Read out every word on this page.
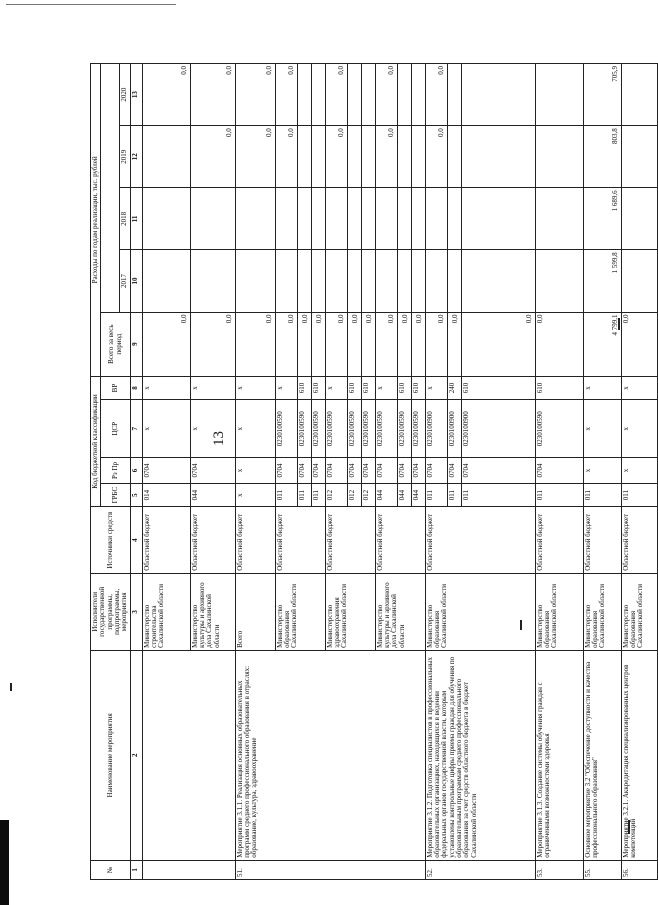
13
№	Наименование мероприятия	Исполнители государственной программы, подпрограммы, мероприятия	Источники средств	Код бюджетной классификации				Расходы по годам реализации, тыс. рублей				
				ГРБС	Рз Пр	ЦСР	ВР	Всего за весь период				
									2017	2018	2019	2020
1	2	3	4	5	6	7	8	9	10	11	12	13
		Министерство строительства Сахалинской области	Областной бюджет	014	0704	x	x	0,0				0,0
		Министерство культуры и архивного дела Сахалинской области	Областной бюджет	044	0704	x	x	0,0			0,0	0,0
51.	Мероприятие 3.1.1. Реализация основных образовательных программ среднего профессионального образования в отраслях: образование, культура, здравоохранение	Всего	Областной бюджет	x	x	x	x	0,0			0,0	0,0
		Министерство образования Сахалинской области	Областной бюджет	011	0704	0230100590	x	0,0			0,0	0,0
				011	0704	0230100590	610	0,0				
				011	0704	0230100590	610	0,0				
		Министерство здравоохранения Сахалинской области	Областной бюджет	012	0704	0230100590	x	0,0			0,0	0,0
				012	0704	0230100590	610	0,0				
				012	0704	0230100590	610	0,0				
		Министерство культуры и архивного дела Сахалинской области	Областной бюджет	044	0704	0230100590	x	0,0			0,0	0,0
				044	0704	0230100590	610	0,0				
				044	0704	0230100590	610	0,0				
52.	Мероприятие 3.1.2. Подготовка специалистов в профессиональных образовательных организациях, находящихся в ведении федеральных органов государственной власти, которым установлены контрольные цифры приема граждан для обучения по образовательным программам среднего профессионального образования за счет средств областного бюджета в бюджет Сахалинской области	Министерство образования Сахалинской области	Областной бюджет	011	0704	0230100900	x	0,0			0,0	0,0
				011	0704	0230100900	240	0,0				
				011	0704	0230100900	610	0,0				
53.	Мероприятие 3.1.3. Создание системы обучения граждан с ограниченными возможностями здоровья	Министерство образования Сахалинской области	Областной бюджет	011	0704	0230100590	610	0,0				
55.	Основное мероприятие 3.2 "Обеспечение доступности и качества профессионального образования"	Министерство образования Сахалинской области	Областной бюджет	011	x	x	x	4 799,1	1 599,8	1 689,6	803,8	705,9
56.	Мероприятие 3.2.1. Аккредитация специализированных центров компетенций	Министерство образования Сахалинской области	Областной бюджет	011	x	x	x	0,0				
